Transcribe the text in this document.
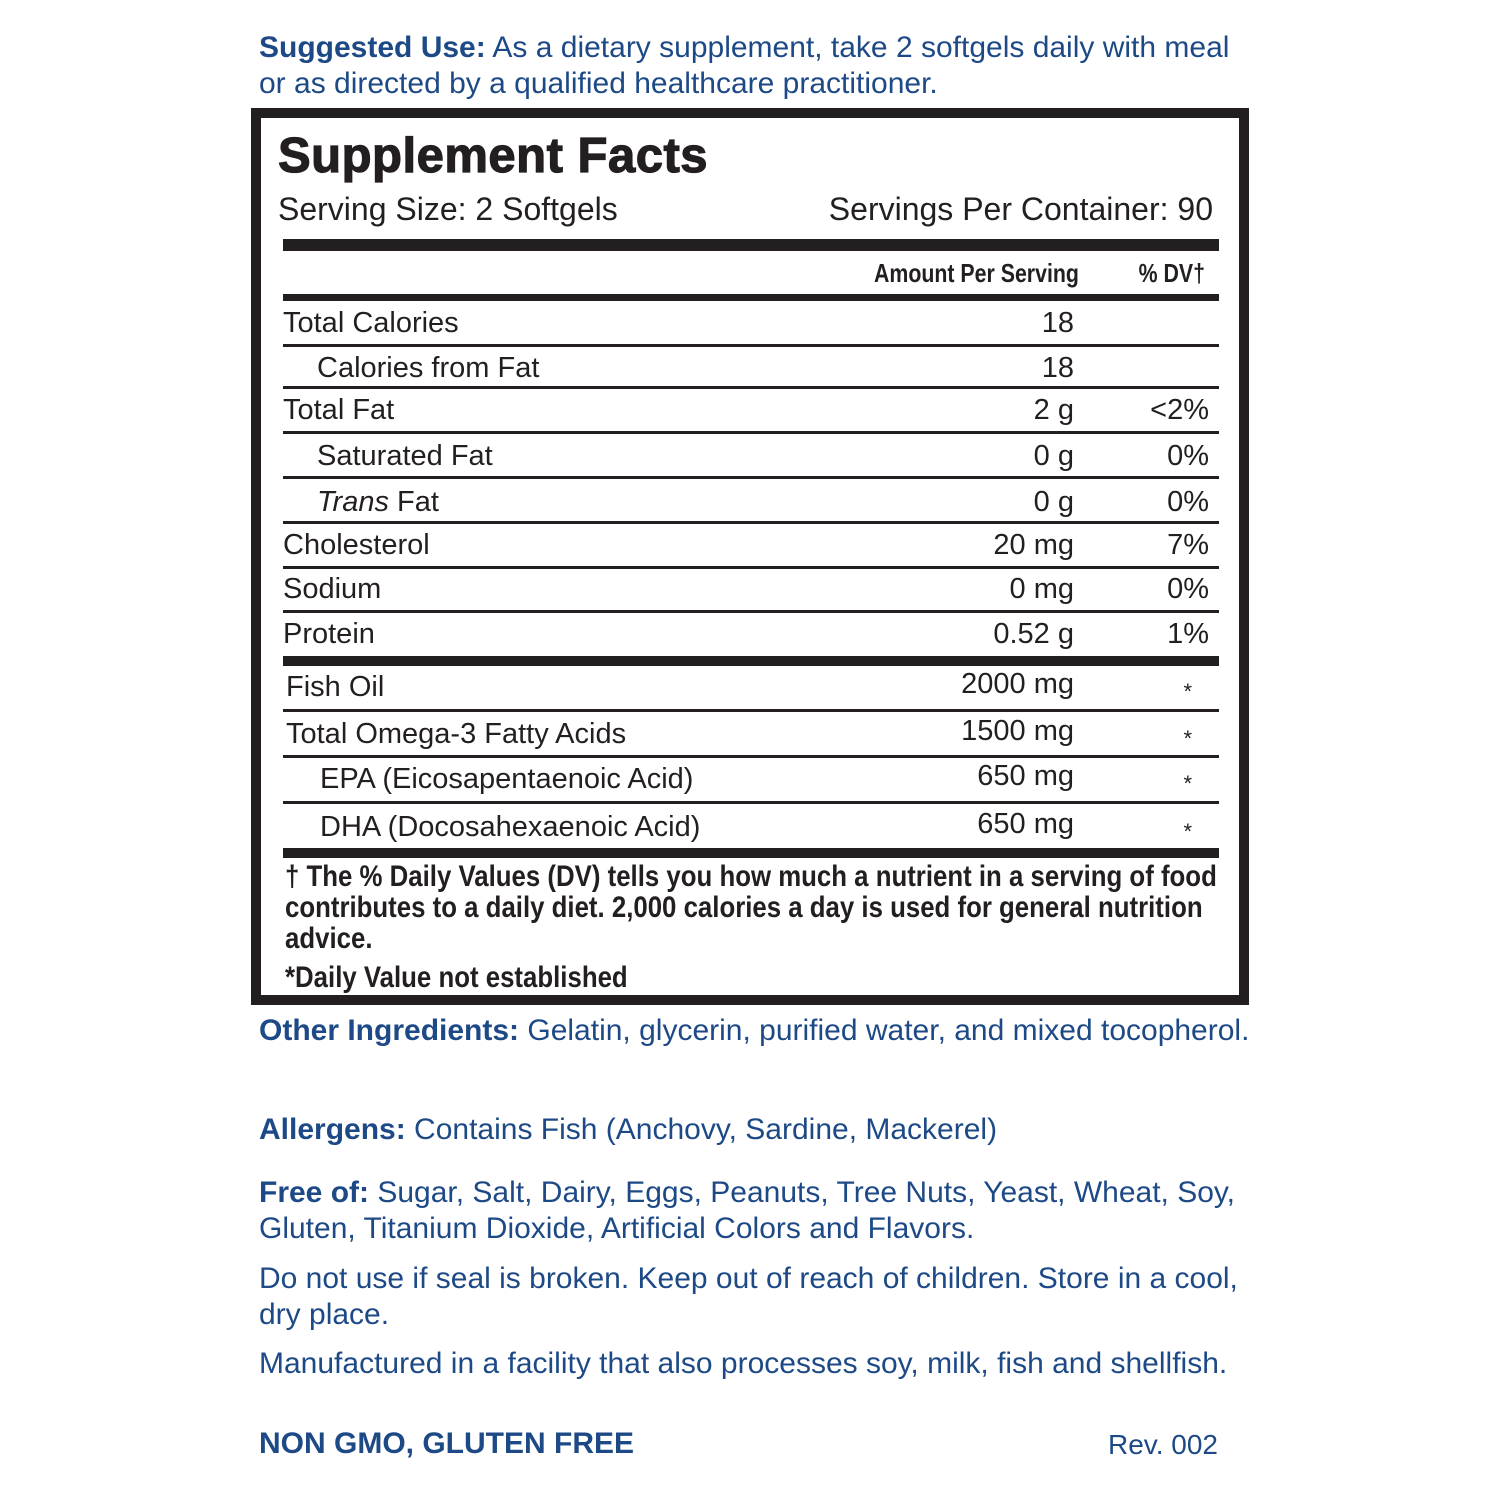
Suggested Use: As a dietary supplement, take 2 softgels daily with meal or as directed by a qualified healthcare practitioner.
Supplement Facts
Serving Size: 2 Softgels	Servings Per Container: 90
Amount Per Serving % DV†
Total Calories	18
Calories from Fat	18
Total Fat	2 g	<2%
Saturated Fat	0 g	0%
Trans Fat	0 g	0%
Cholesterol	20 mg	7%
Sodium	0 mg	0%
Protein	0.52 g	1%
Fish Oil	2000 mg	*
Total Omega-3 Fatty Acids	1500 mg	*
EPA (Eicosapentaenoic Acid)	650 mg	*
DHA (Docosahexaenoic Acid)	650 mg	*
† The % Daily Values (DV) tells you how much a nutrient in a serving of food contributes to a daily diet. 2,000 calories a day is used for general nutrition advice.
*Daily Value not established
Other Ingredients: Gelatin, glycerin, purified water, and mixed tocopherol.
Allergens: Contains Fish (Anchovy, Sardine, Mackerel)
Free of: Sugar, Salt, Dairy, Eggs, Peanuts, Tree Nuts, Yeast, Wheat, Soy, Gluten, Titanium Dioxide, Artificial Colors and Flavors.
Do not use if seal is broken. Keep out of reach of children. Store in a cool, dry place.
Manufactured in a facility that also processes soy, milk, fish and shellfish.
NON GMO, GLUTEN FREE	Rev. 002
